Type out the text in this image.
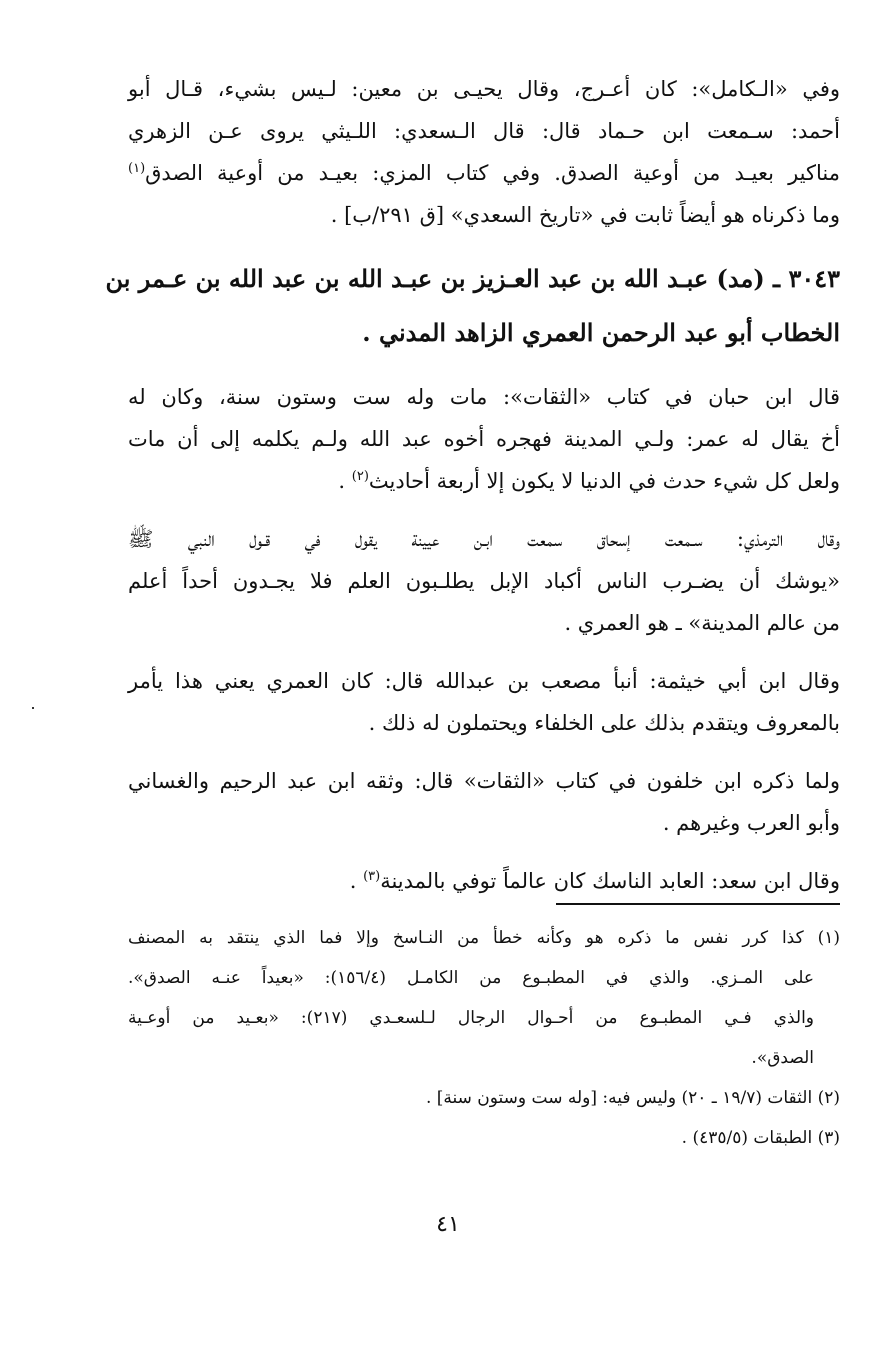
وفي «الـكامل»: كان أعـرج، وقال يحيـى بن معين: لـيس بشيء، قـال أبو
أحمد: سـمعت ابن حـماد قال: قال الـسعدي: اللـيثي يروى عـن الزهري
مناكير بعيـد من أوعية الصدق. وفي كتاب المزي: بعيـد من أوعية الصدق$^{(١)}$
وما ذكرناه هو أيضاً ثابت في «تاريخ السعدي» [ق ٢٩١/ب] .
٣٠٤٣ ـ (مد) عبـد الله بن عبد العـزيز بن عبـد الله بن عبد الله بن عـمر بن
الخطاب أبو عبد الرحمن العمري الزاهد المدني .
قال ابن حبان في كتاب «الثقات»: مات وله ست وستون سنة، وكان له
أخ يقال له عمر: ولـي المدينة فهجره أخوه عبد الله ولـم يكلمه إلى أن مات
ولعل كل شيء حدث في الدنيا لا يكون إلا أربعة أحاديث$^{(٢)}$ .
وقال الترمذي: سـمعت إسحاق سمعت ابـن عيينة يقول في قـول النبي ﷺ
«يوشك أن يضـرب الناس أكباد الإبل يطلـبون العلم فلا يجـدون أحداً أعلم
من عالم المدينة» ـ هو العمري .
وقال ابن أبي خيثمة: أنبأ مصعب بن عبدالله قال: كان العمري يعني هذا يأمر
بالمعروف ويتقدم بذلك على الخلفاء ويحتملون له ذلك .
ولما ذكره ابن خلفون في كتاب «الثقات» قال: وثقه ابن عبد الرحيم والغساني
وأبو العرب وغيرهم .
وقال ابن سعد: العابد الناسك كان عالماً توفي بالمدينة$^{(٣)}$ .
(١) كذا كرر نفس ما ذكره هو وكأنه خطأ من النـاسخ وإلا فما الذي ينتقد به المصنف
على المـزي. والذي في المطبـوع من الكامـل (١٥٦/٤): «بعيداً عنـه الصدق».
والذي فـي المطبـوع من أحـوال الرجال لـلسعـدي (٢١٧): «بعـيد من أوعـية
الصدق».
(٢) الثقات (١٩/٧ ـ ٢٠) وليس فيه: [وله ست وستون سنة] .
(٣) الطبقات (٤٣٥/٥) .
٤١
